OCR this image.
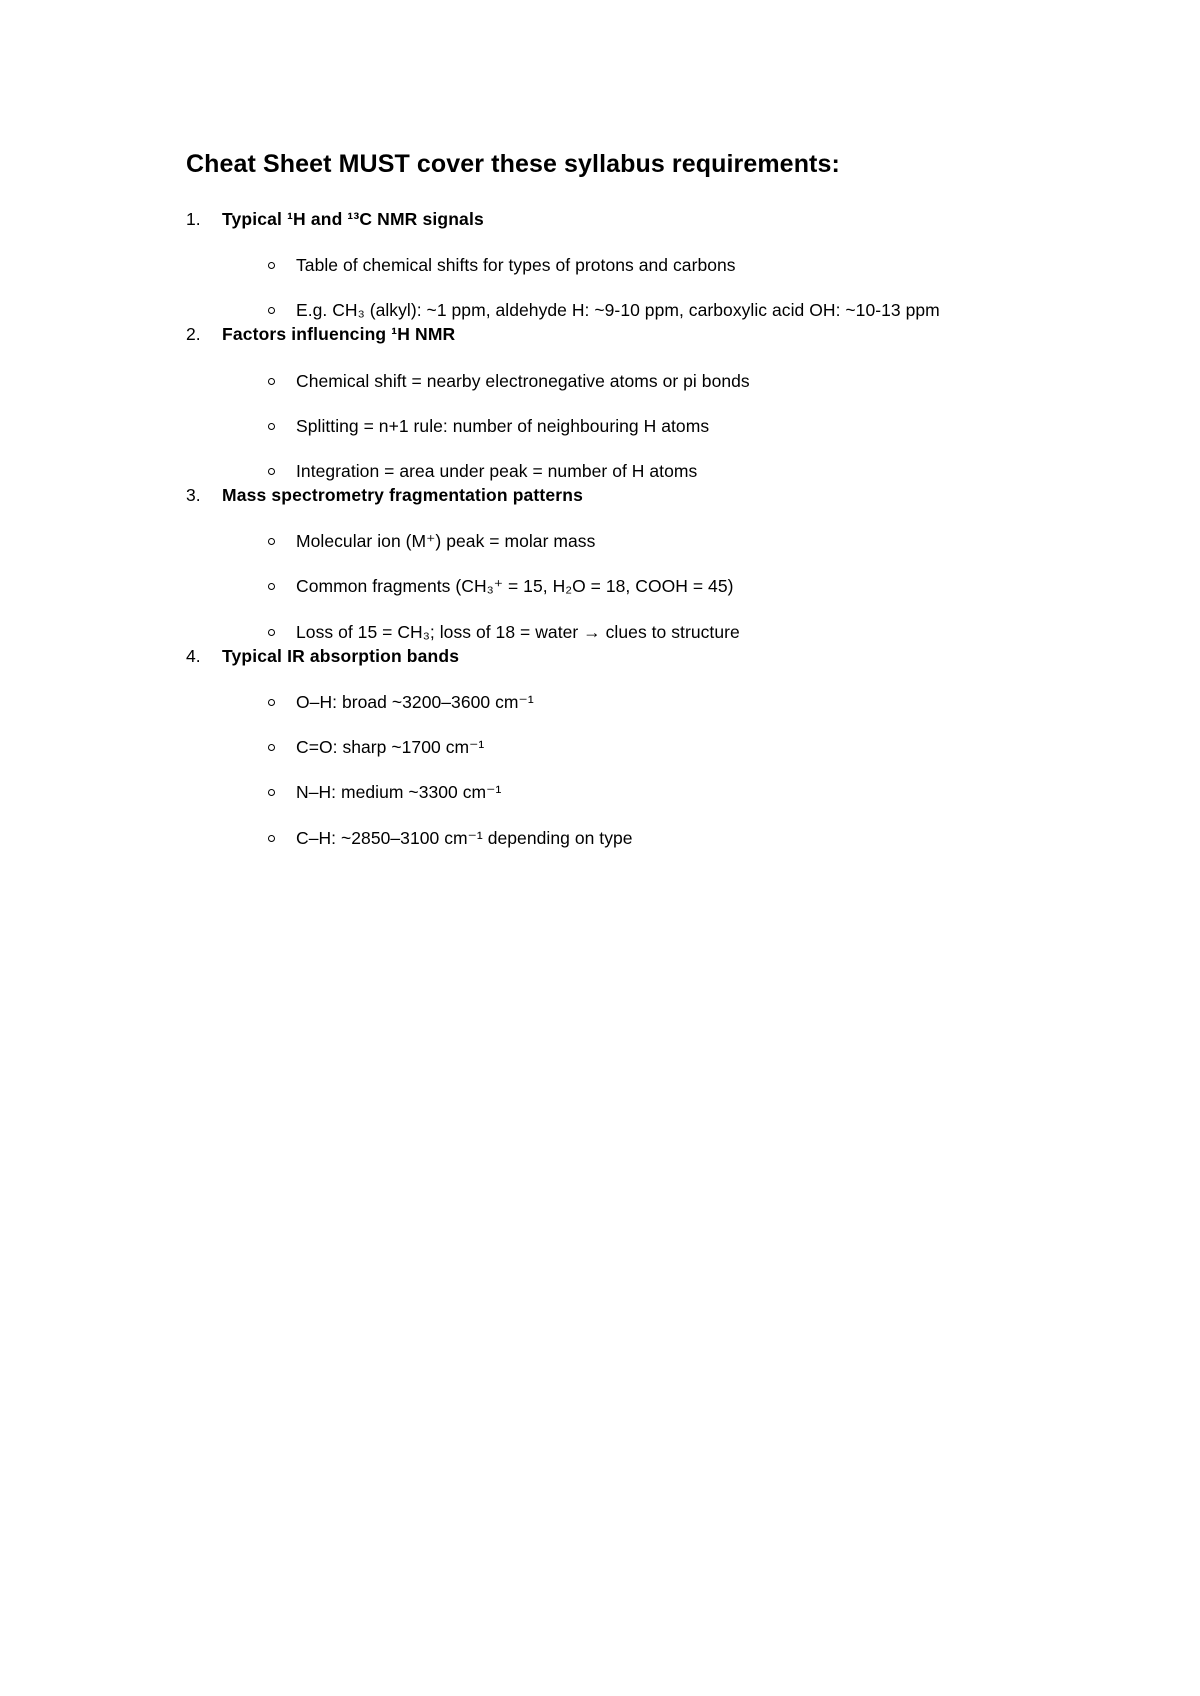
Cheat Sheet MUST cover these syllabus requirements:
1.	Typical ¹H and ¹³C NMR signals
Table of chemical shifts for types of protons and carbons
E.g. CH₃ (alkyl): ~1 ppm, aldehyde H: ~9-10 ppm, carboxylic acid OH: ~10-13 ppm
2.	Factors influencing ¹H NMR
Chemical shift = nearby electronegative atoms or pi bonds
Splitting = n+1 rule: number of neighbouring H atoms
Integration = area under peak = number of H atoms
3.	Mass spectrometry fragmentation patterns
Molecular ion (M⁺) peak = molar mass
Common fragments (CH₃⁺ = 15, H₂O = 18, COOH = 45)
Loss of 15 = CH₃; loss of 18 = water → clues to structure
4.	Typical IR absorption bands
O–H: broad ~3200–3600 cm⁻¹
C=O: sharp ~1700 cm⁻¹
N–H: medium ~3300 cm⁻¹
C–H: ~2850–3100 cm⁻¹ depending on type
